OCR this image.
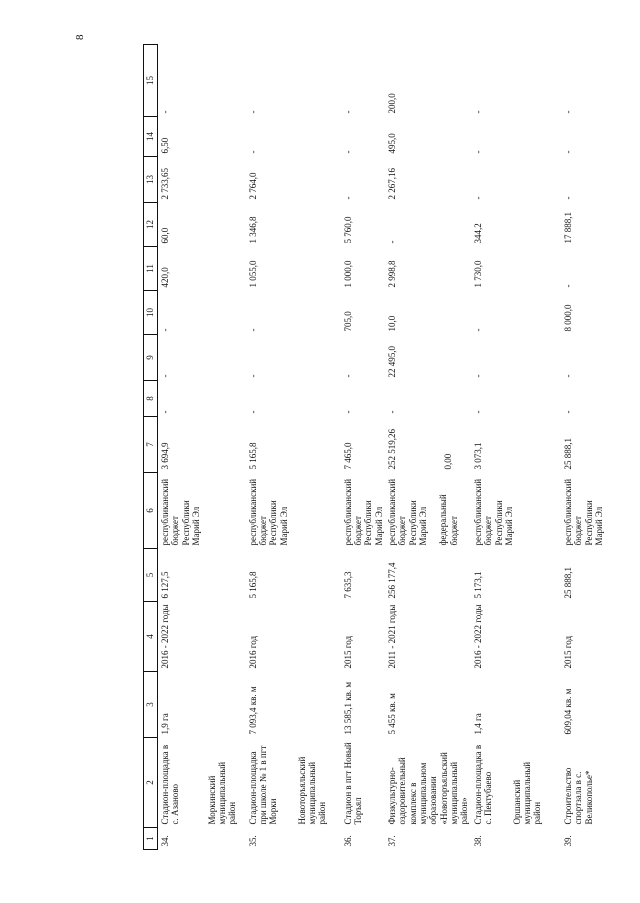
8
1	2	3	4	5	6	7	8	9	10	11	12	13	14	15
34.	Стадион-площадка в с. Азаново Моркинский муниципальный район	1,9 га	2016 - 2022 годы	6 127,5	республиканский бюджет Республики Марий Эл	3 694,9	-	-	-	420,0	60,0	2 733,65	6,50	-
35.	Стадион-площадка при школе № 1 в пгт Морки Новоторъяльский муниципальный район	7 093,4 кв. м	2016 год	5 165,8	республиканский бюджет Республики Марий Эл	5 165,8	-	-	-	1 055,0	1 346,8	2 764,0	-	-
36.	Стадион в пгт Новый Торъял	13 585,1 кв. м	2015 год	7 635,3	республиканский бюджет Республики Марий Эл	7 465,0	-	-	705,0	1 000,0	5 760,0	-	-	-
37.	Физкультурно-оздоровительный комплекс в муниципальном образовании «Новоторъяльский муниципальный район»	5 455 кв. м	2011 - 2021 годы	256 177,4	республиканский бюджет Республики Марий Эл федеральный бюджет	252 519,26 0,00	-	22 495,0	10,0	2 998,8	-	2 267,16	495,0	200,0
38.	Стадион-площадка в с. Пектубаево Оршанский муниципальный район	1,4 га	2016 - 2022 годы	5 173,1	республиканский бюджет Республики Марий Эл	3 073,1	-	-	-	1 730,0	344,2	-	-	-
39.	Строительство спортзала в с. Великополье*	609,04 кв. м	2015 год	25 888,1	республиканский бюджет Республики Марий Эл	25 888,1	-	-	8 000,0	-	17 888,1	-	-	-
